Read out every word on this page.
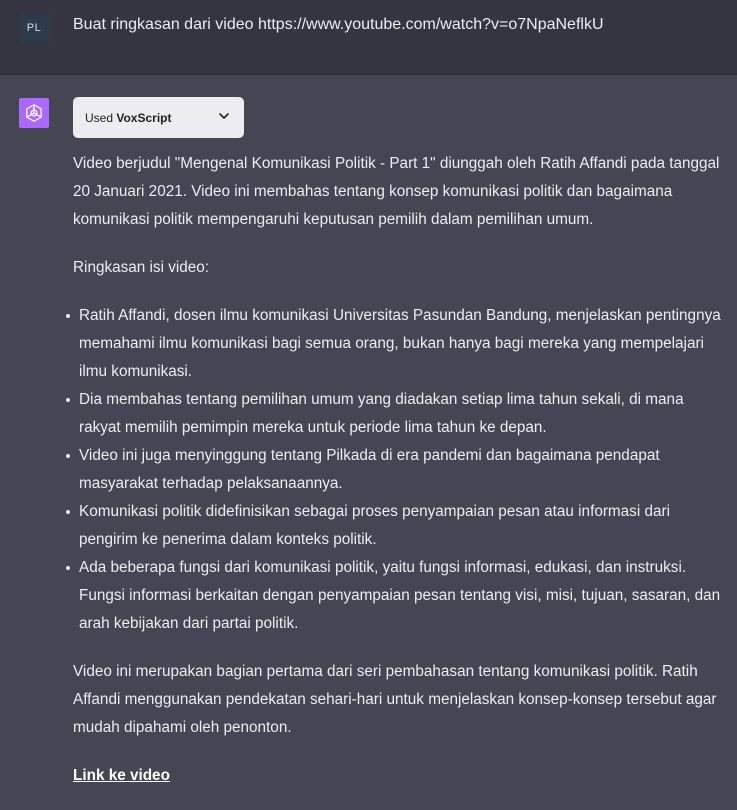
PL	Buat ringkasan dari video https://www.youtube.com/watch?v=o7NpaNeflkU
Used VoxScript

Video berjudul "Mengenal Komunikasi Politik - Part 1" diunggah oleh Ratih Affandi pada tanggal 20 Januari 2021. Video ini membahas tentang konsep komunikasi politik dan bagaimana komunikasi politik mempengaruhi keputusan pemilih dalam pemilihan umum.

Ringkasan isi video:

Ratih Affandi, dosen ilmu komunikasi Universitas Pasundan Bandung, menjelaskan pentingnya memahami ilmu komunikasi bagi semua orang, bukan hanya bagi mereka yang mempelajari ilmu komunikasi.
Dia membahas tentang pemilihan umum yang diadakan setiap lima tahun sekali, di mana rakyat memilih pemimpin mereka untuk periode lima tahun ke depan.
Video ini juga menyinggung tentang Pilkada di era pandemi dan bagaimana pendapat masyarakat terhadap pelaksanaannya.
Komunikasi politik didefinisikan sebagai proses penyampaian pesan atau informasi dari pengirim ke penerima dalam konteks politik.
Ada beberapa fungsi dari komunikasi politik, yaitu fungsi informasi, edukasi, dan instruksi. Fungsi informasi berkaitan dengan penyampaian pesan tentang visi, misi, tujuan, sasaran, dan arah kebijakan dari partai politik.

Video ini merupakan bagian pertama dari seri pembahasan tentang komunikasi politik. Ratih Affandi menggunakan pendekatan sehari-hari untuk menjelaskan konsep-konsep tersebut agar mudah dipahami oleh penonton.

Link ke video
